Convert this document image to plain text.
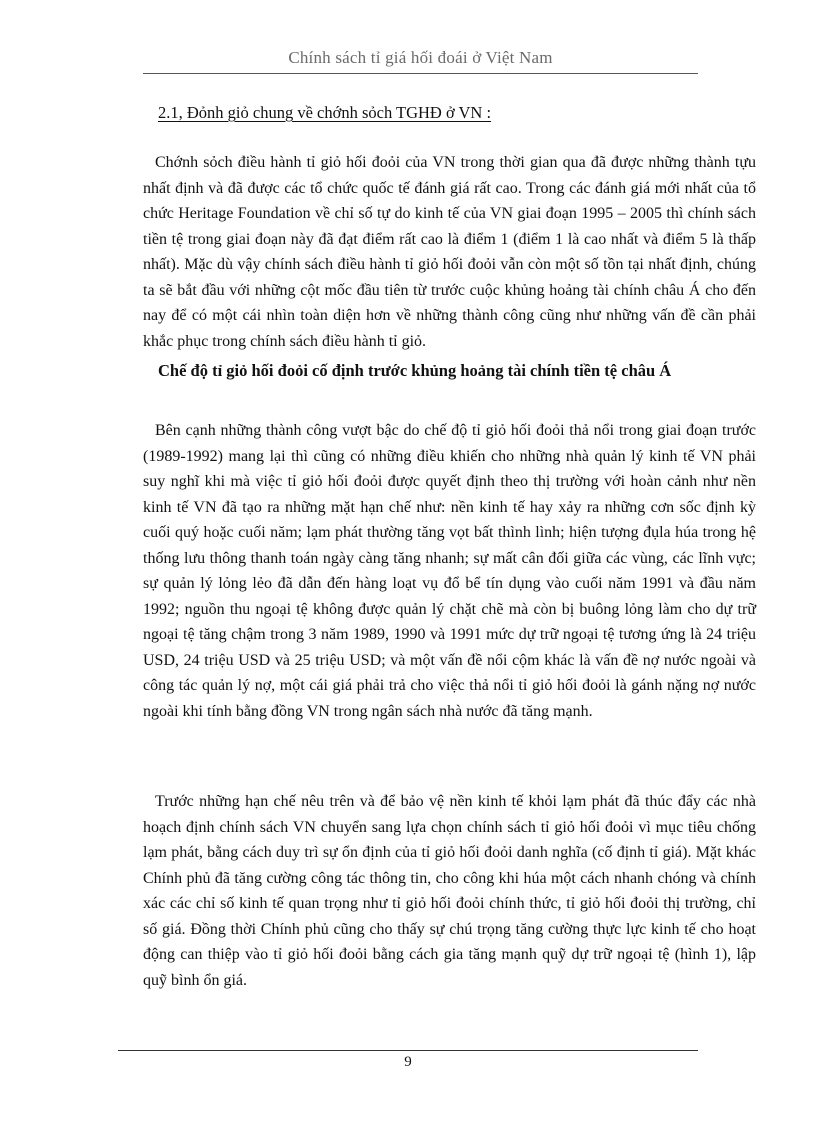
Chính sách tỉ giá hối đoái ở Việt Nam
2.1, Đỏnh giỏ chung về chớnh sỏch TGHĐ ở VN :

Chớnh sỏch điều hành tỉ giỏ hối đoỏi của VN trong thời gian qua đã được những thành tựu nhất định và đã được các tổ chức quốc tế đánh giá rất cao. Trong các đánh giá mới nhất của tổ chức Heritage Foundation về chỉ số tự do kinh tế của VN giai đoạn 1995 – 2005 thì chính sách tiền tệ trong giai đoạn này đã đạt điểm rất cao là điểm 1 (điểm 1 là cao nhất và điểm 5 là thấp nhất). Mặc dù vậy chính sách điều hành tỉ giỏ hối đoỏi vẫn còn một số tồn tại nhất định, chúng ta sẽ bắt đầu với những cột mốc đầu tiên từ trước cuộc khủng hoảng tài chính châu Á cho đến nay để có một cái nhìn toàn diện hơn về những thành công cũng như những vấn đề cần phải khắc phục trong chính sách điều hành tỉ giỏ.

Chế độ tỉ giỏ hối đoỏi cố định trước khủng hoảng tài chính tiền tệ châu Á

Bên cạnh những thành công vượt bậc do chế độ tỉ giỏ hối đoỏi thả nổi trong giai đoạn trước (1989-1992) mang lại thì cũng có những điều khiến cho những nhà quản lý kinh tế VN phải suy nghĩ khi mà việc tỉ giỏ hối đoỏi được quyết định theo thị trường với hoàn cảnh như nền kinh tế VN đã tạo ra những mặt hạn chế như: nền kinh tế hay xảy ra những cơn sốc định kỳ cuối quý hoặc cuối năm; lạm phát thường tăng vọt bất thình lình; hiện tượng đụla húa trong hệ thống lưu thông thanh toán ngày càng tăng nhanh; sự mất cân đối giữa các vùng, các lĩnh vực; sự quản lý lỏng lẻo đã dẫn đến hàng loạt vụ đổ bể tín dụng vào cuối năm 1991 và đầu năm 1992; nguồn thu ngoại tệ không được quản lý chặt chẽ mà còn bị buông lỏng làm cho dự trữ ngoại tệ tăng chậm trong 3 năm 1989, 1990 và 1991 mức dự trữ ngoại tệ tương ứng là 24 triệu USD, 24 triệu USD và 25 triệu USD; và một vấn đề nổi cộm khác là vấn đề nợ nước ngoài và công tác quản lý nợ, một cái giá phải trả cho việc thả nổi tỉ giỏ hối đoỏi là gánh nặng nợ nước ngoài khi tính bằng đồng VN trong ngân sách nhà nước đã tăng mạnh.

Trước những hạn chế nêu trên và để bảo vệ nền kinh tế khỏi lạm phát đã thúc đẩy các nhà hoạch định chính sách VN chuyển sang lựa chọn chính sách tỉ giỏ hối đoỏi vì mục tiêu chống lạm phát, bằng cách duy trì sự ổn định của tỉ giỏ hối đoỏi danh nghĩa (cố định tỉ giá). Mặt khác Chính phủ đã tăng cường công tác thông tin, cho công khi húa một cách nhanh chóng và chính xác các chỉ số kinh tế quan trọng như tỉ giỏ hối đoỏi chính thức, tỉ giỏ hối đoỏi thị trường, chỉ số giá. Đồng thời Chính phủ cũng cho thấy sự chú trọng tăng cường thực lực kinh tế cho hoạt động can thiệp vào tỉ giỏ hối đoỏi bằng cách gia tăng mạnh quỹ dự trữ ngoại tệ (hình 1), lập quỹ bình ổn giá.

9
